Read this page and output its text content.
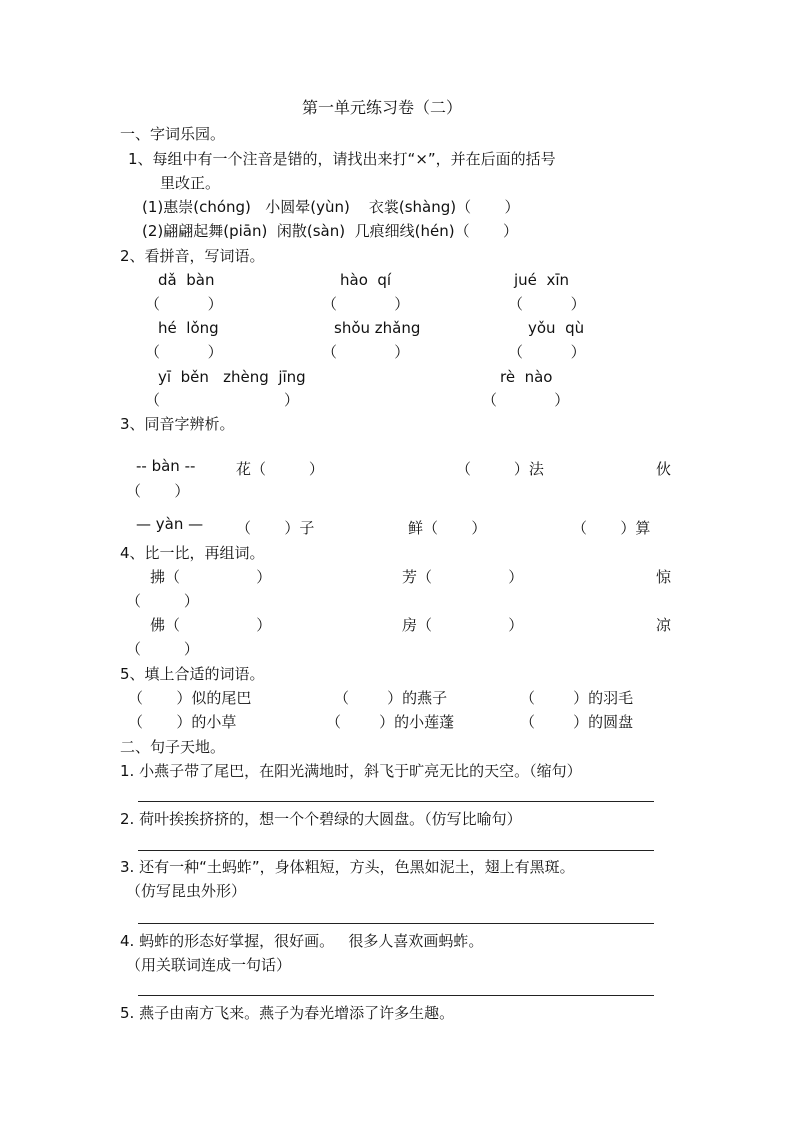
第一单元练习卷（二）
一、字词乐园。
1、每组中有一个注音是错的，请找出来打“×”，并在后面的括号
里改正。
(1)惠崇(chóng)   小圆晕(yùn)    衣裳(shàng)（       ）
(2)翩翩起舞(piān)  闲散(sàn)  几痕细线(hén)（       ）
2、看拼音，写词语。
dǎ  bàn	hào  qí	jué  xīn
（          ）	（            ）	（          ）
hé  lǒng	shǒu zhǎng	yǒu  qù
（          ）	（            ）	（          ）
yī  běn   zhèng  jīng	rè  nào
（                          ）	（            ）
3、同音字辨析。
-- bàn --	花（         ）	（         ）法	伙
（       ）
— yàn — （       ）子	鲜（       ）	（       ）算
4、比一比，再组词。
拂（                ）	芳（                ）	惊
（         ）
佛（                ）	房（                ）	凉
（         ）
5、填上合适的词语。
（       ）似的尾巴	（        ）的燕子	（        ）的羽毛
（       ）的小草	（        ）的小莲蓬	（        ）的圆盘
二、句子天地。
1. 小燕子带了尾巴，在阳光满地时，斜飞于旷亮无比的天空。（缩句）
2. 荷叶挨挨挤挤的，想一个个碧绿的大圆盘。（仿写比喻句）
3. 还有一种“土蚂蚱”，身体粗短，方头，色黑如泥土，翅上有黑斑。
（仿写昆虫外形）
4. 蚂蚱的形态好掌握，很好画。   很多人喜欢画蚂蚱。
（用关联词连成一句话）
5. 燕子由南方飞来。燕子为春光增添了许多生趣。
